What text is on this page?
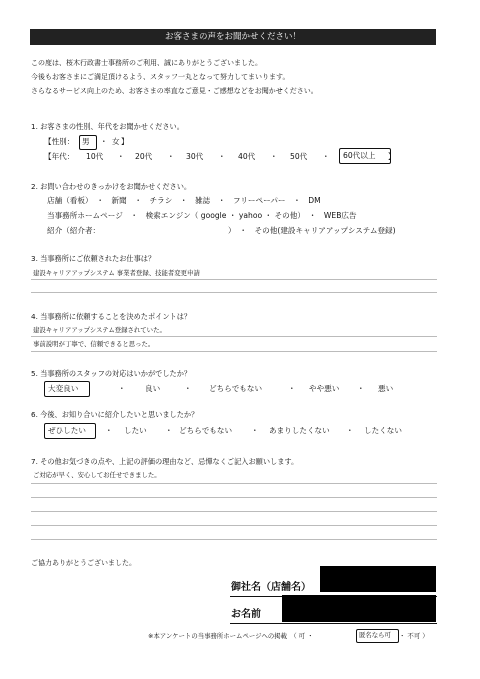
お客さまの声をお聞かせください！
この度は、桜木行政書士事務所のご利用、誠にありがとうございました。
今後もお客さまにご満足頂けるよう、スタッフ一丸となって努力してまいります。
さらなるサービス向上のため、お客さまの率直なご意見・ご感想などをお聞かせください。
1. お客さまの性別、年代をお聞かせください。
【性別： 男 ・ 女 】
【年代： 10代 ・ 20代 ・ 30代 ・ 40代 ・ 50代 ・ 60代以上 】
2. お問い合わせのきっかけをお聞かせください。
店舗（看板）　・　新聞　・　チラシ　・　雑誌　・　フリーペーパー　・　DM
当事務所ホームページ　・　検索エンジン（ google ・ yahoo ・ その他）　・　WEB広告
紹介（紹介者：	）　・　その他(建設キャリアアップシステム登録)
3. 当事務所にご依頼されたお仕事は？
建設キャリアアップシステム 事業者登録、技能者変更申請
4. 当事務所に依頼することを決めたポイントは？
建設キャリアアップシステム登録されていた。
事前説明が丁寧で、信頼できると思った。
5. 当事務所のスタッフの対応はいかがでしたか？
大変良い	・	良い	・ どちらでもない	・ やや悪い ・ 悪い
6. 今後、お知り合いに紹介したいと思いましたか？
ぜひしたい	・ したい ・ どちらでもない ・ あまりしたくない ・ したくない
7. その他お気づきの点や、上記の評価の理由など、忌憚なくご記入お願いします。
ご対応が早く、安心してお任せできました。
ご協力ありがとうございました。
御社名（店舗名）
お名前
※本アンケートの当事務所ホームページへの掲載　（ 可 ・	匿名なら可 ・ 不可 ）
